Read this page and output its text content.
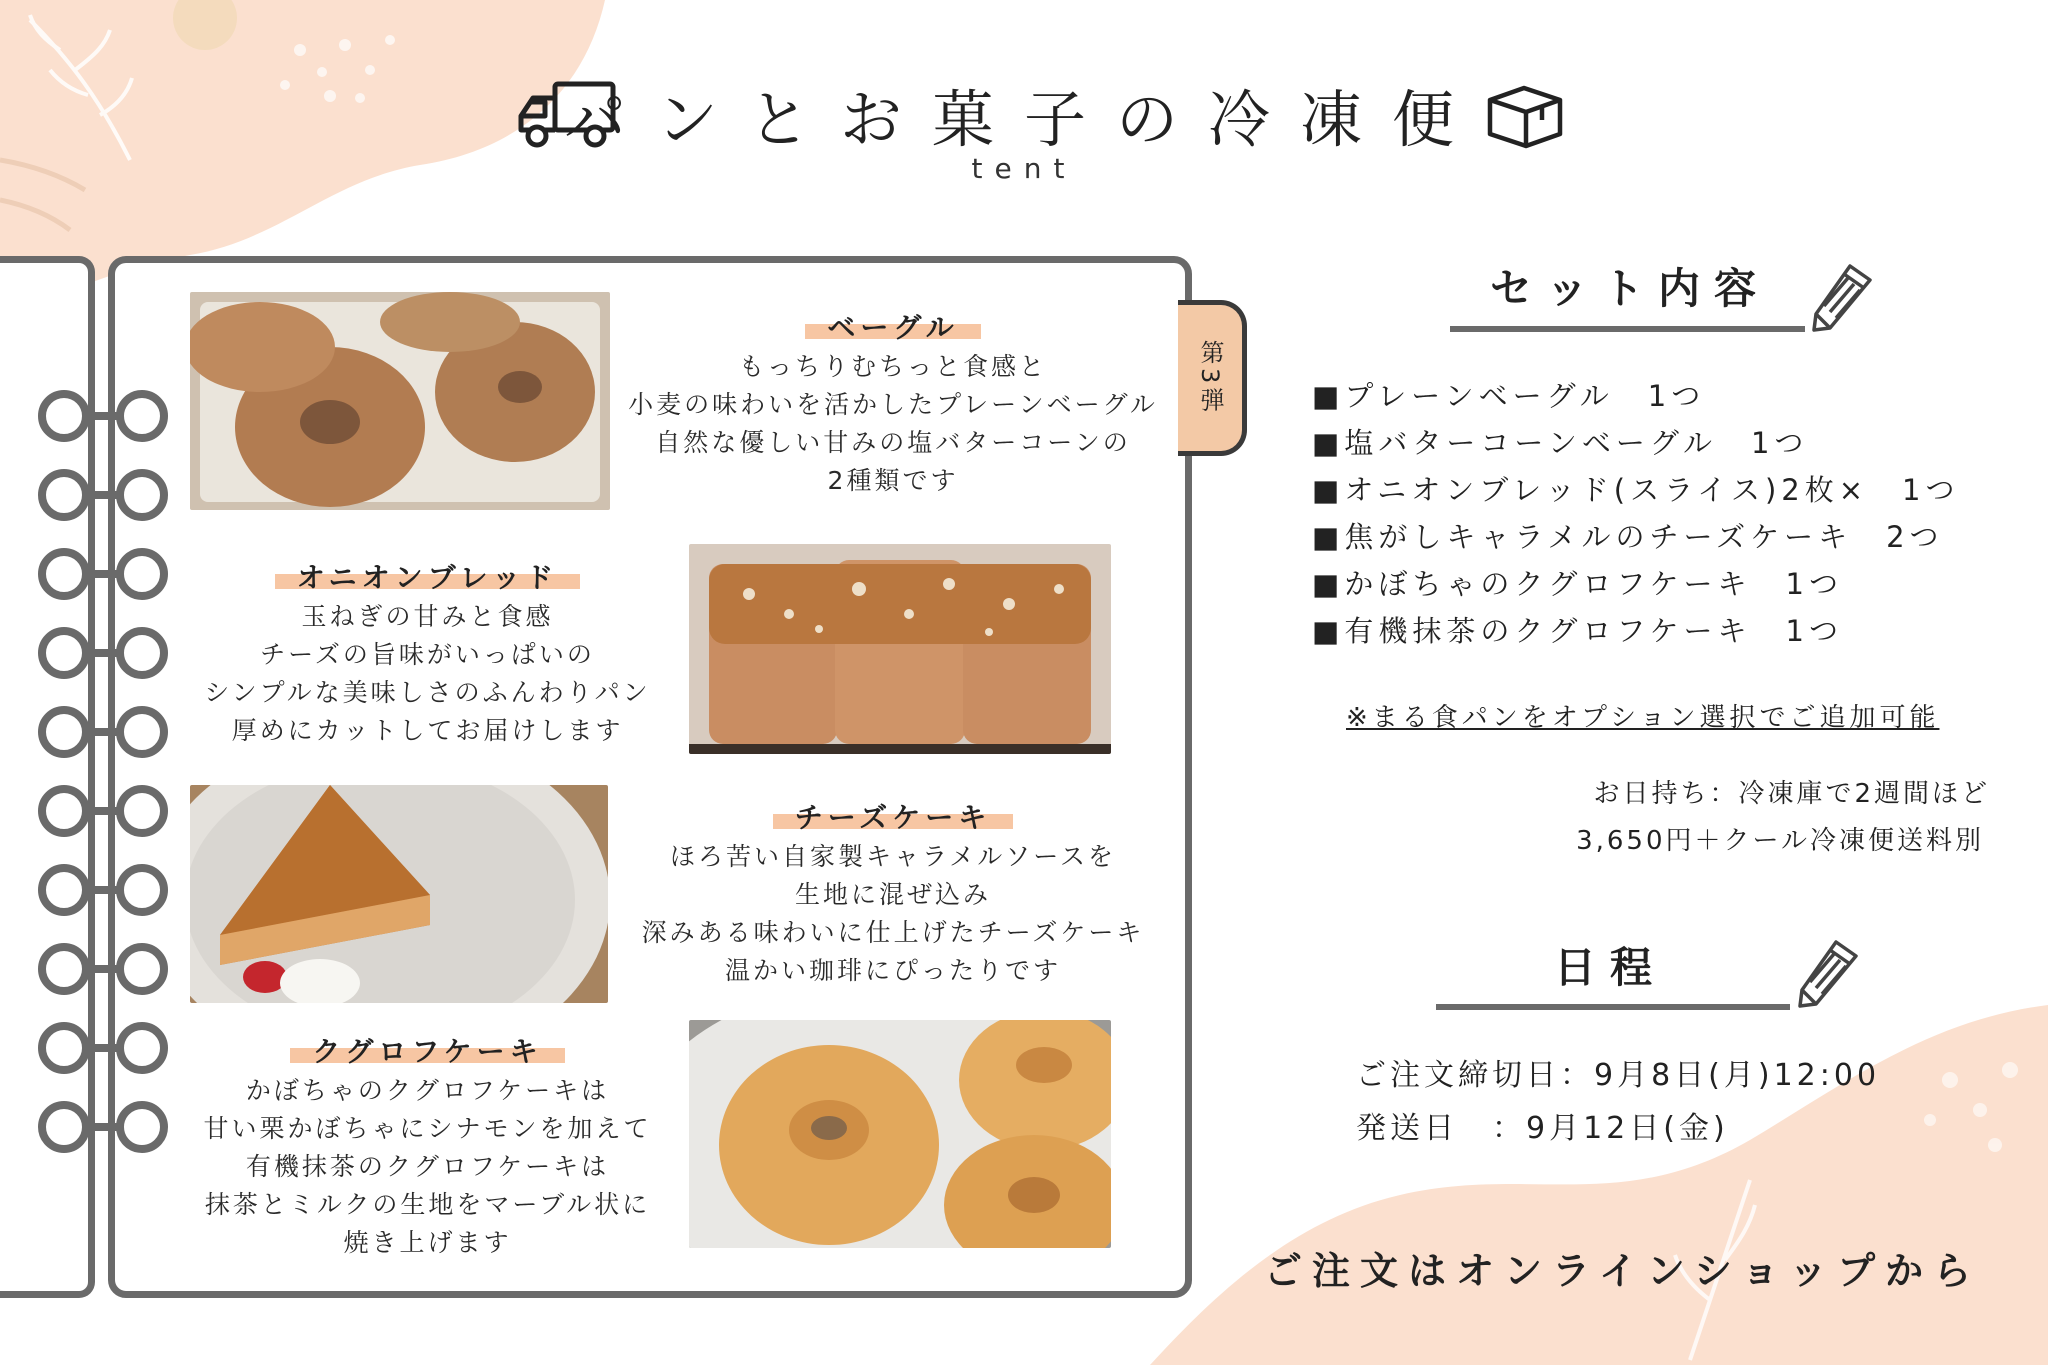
パンとお菓子の冷凍便
tent
第3弾
ベーグル
もっちりむちっと食感と
小麦の味わいを活かしたプレーンベーグル
自然な優しい甘みの塩バターコーンの
2種類です
オニオンブレッド
玉ねぎの甘みと食感
チーズの旨味がいっぱいの
シンプルな美味しさのふんわりパン
厚めにカットしてお届けします
チーズケーキ
ほろ苦い自家製キャラメルソースを
生地に混ぜ込み
深みある味わいに仕上げたチーズケーキ
温かい珈琲にぴったりです
クグロフケーキ
かぼちゃのクグロフケーキは
甘い栗かぼちゃにシナモンを加えて
有機抹茶のクグロフケーキは
抹茶とミルクの生地をマーブル状に
焼き上げます
セット内容
■プレーンベーグル　1つ
■塩バターコーンベーグル　1つ
■オニオンブレッド(スライス)2枚×　1つ
■焦がしキャラメルのチーズケーキ　2つ
■かぼちゃのクグロフケーキ　1つ
■有機抹茶のクグロフケーキ　1つ
※まる食パンをオプション選択でご追加可能
お日持ち：冷凍庫で2週間ほど
3,650円＋クール冷凍便送料別
日程
ご注文締切日：9月8日(月)12:00
発送日　：9月12日(金)
ご注文はオンラインショップから
